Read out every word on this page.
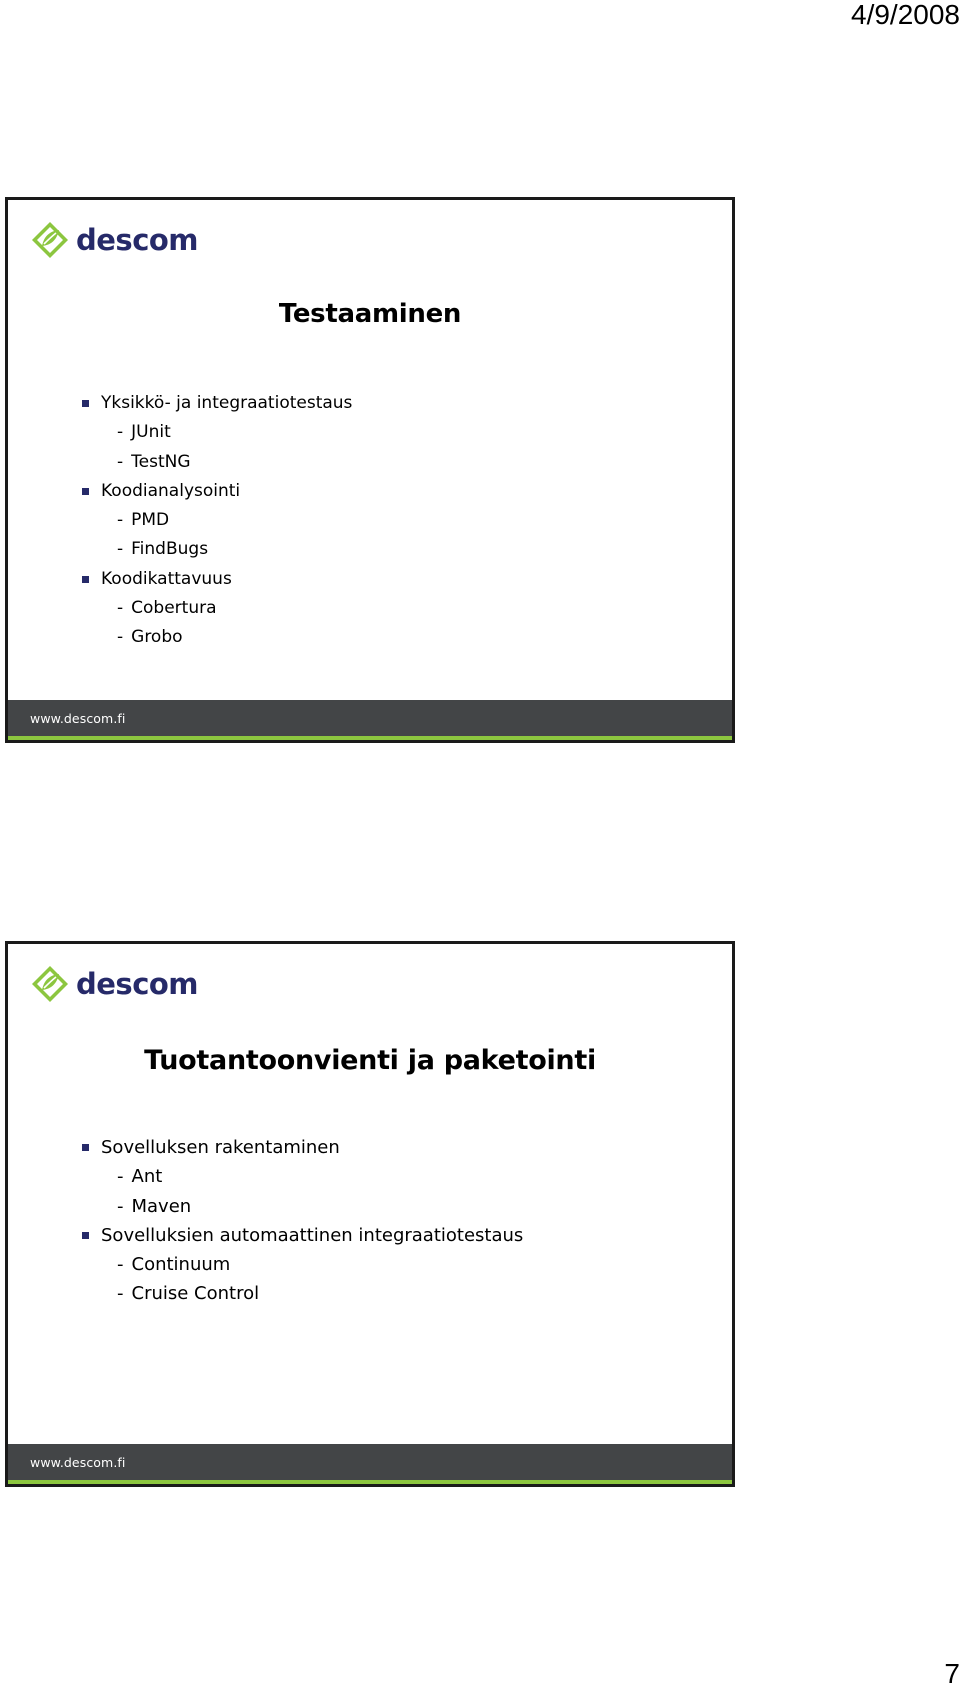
4/9/2008
descom
Testaaminen
Yksikkö- ja integraatiotestaus
- JUnit
- TestNG
Koodianalysointi
- PMD
- FindBugs
Koodikattavuus
- Cobertura
- Grobo
www.descom.fi
descom
Tuotantoonvienti ja paketointi
Sovelluksen rakentaminen
- Ant
- Maven
Sovelluksien automaattinen integraatiotestaus
- Continuum
- Cruise Control
www.descom.fi
7
